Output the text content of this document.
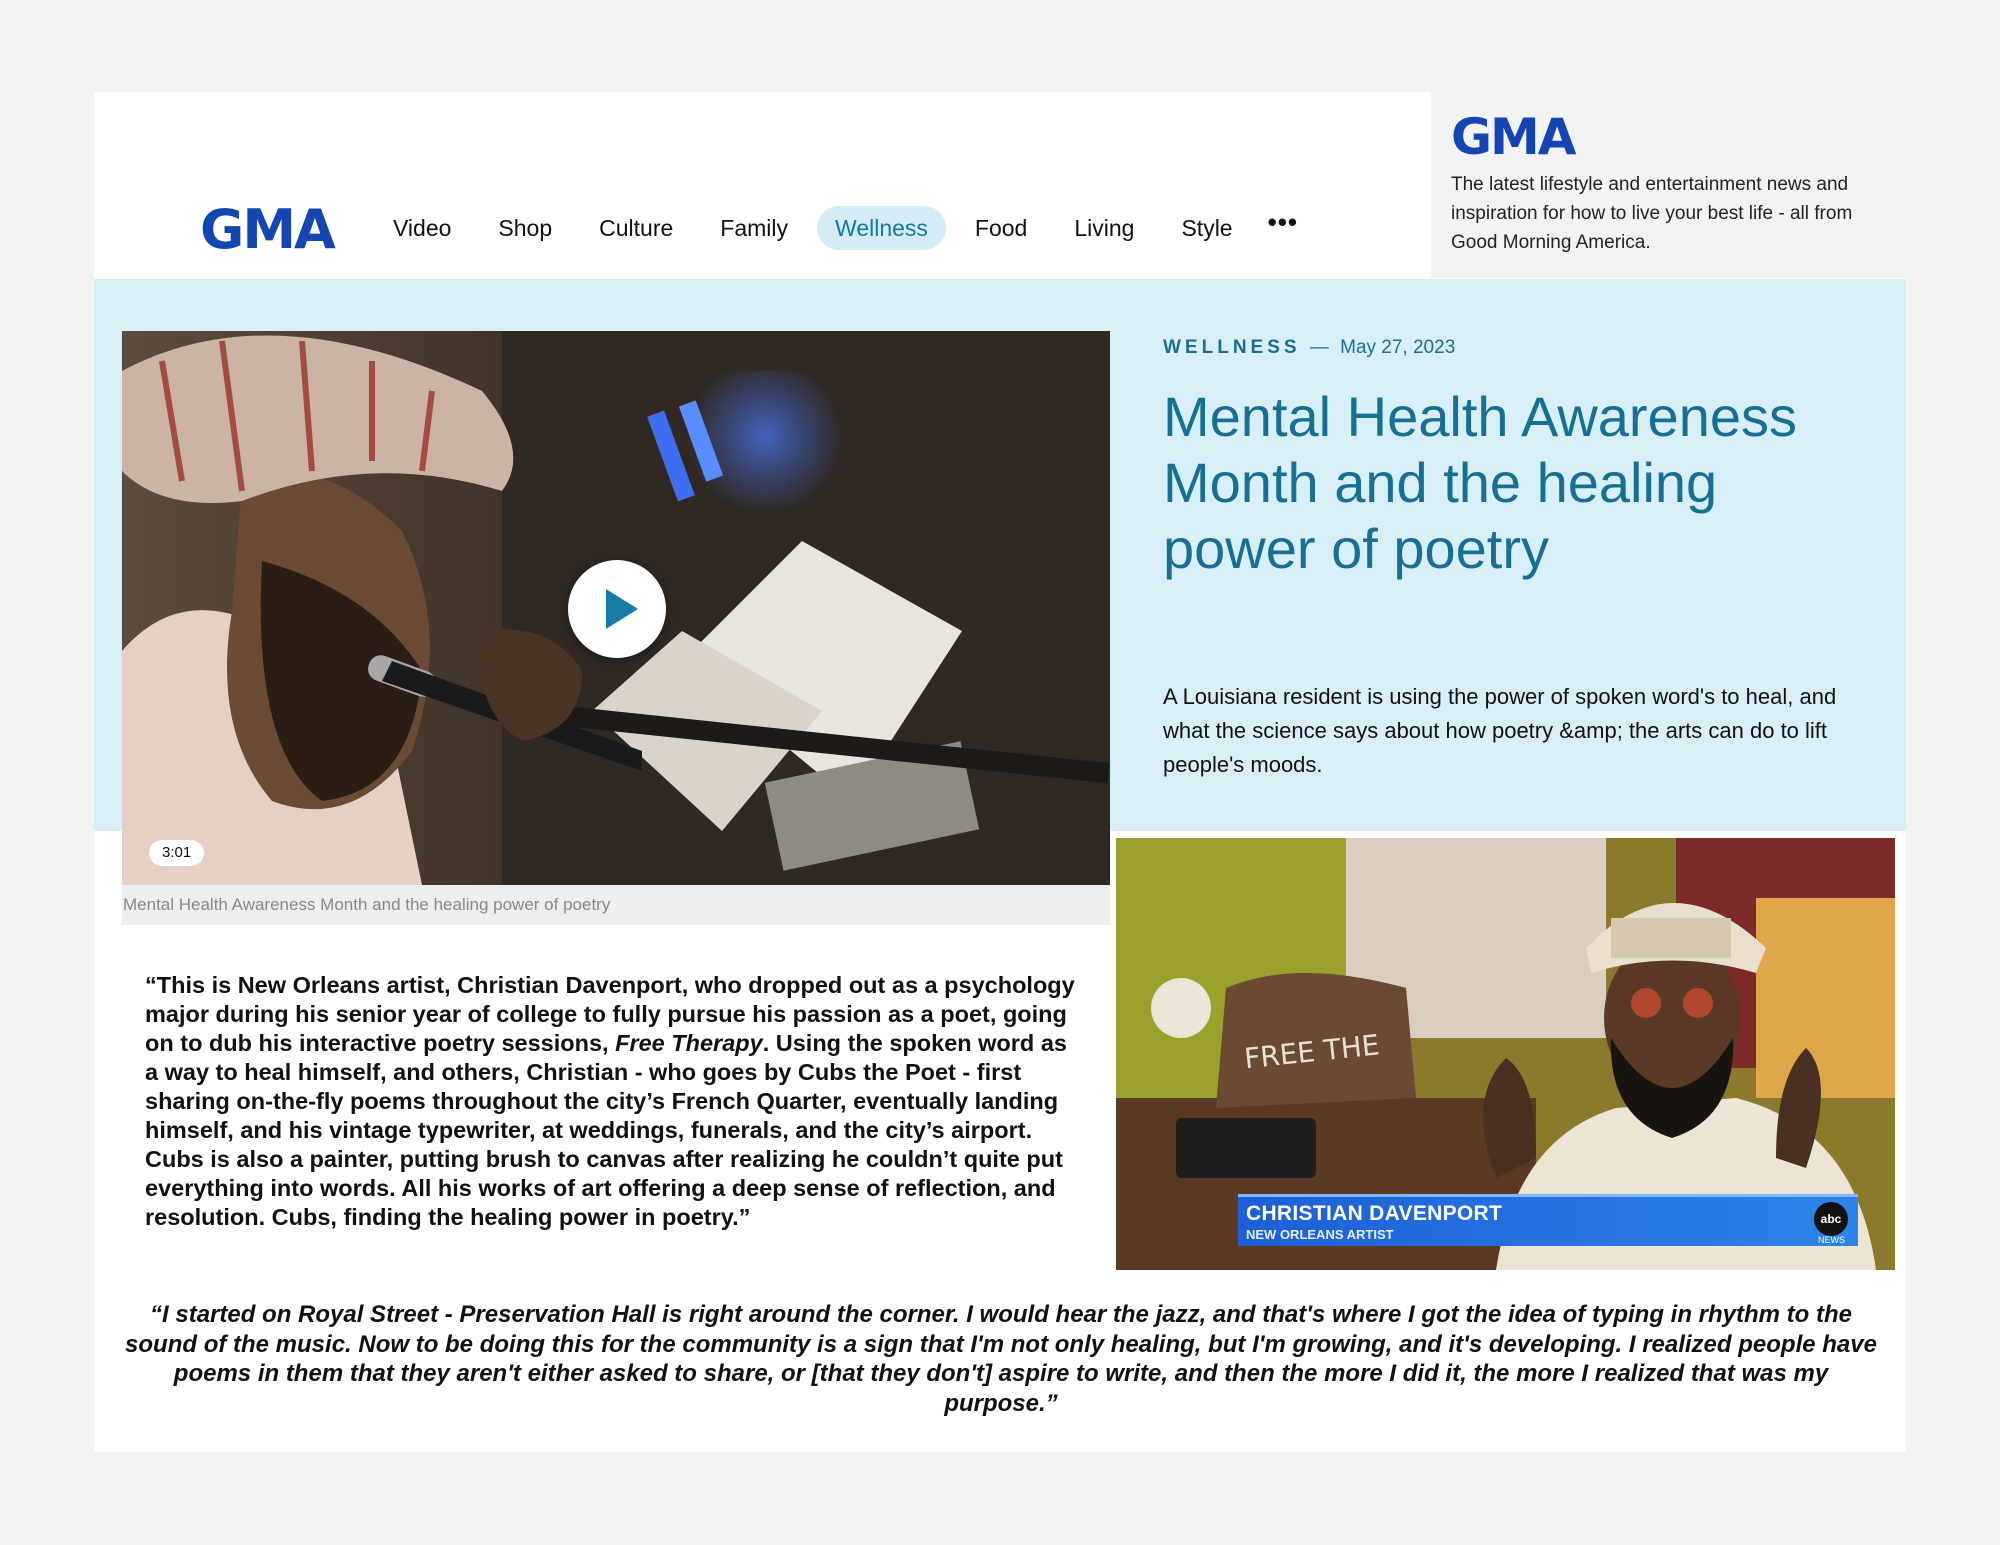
GMA
The latest lifestyle and entertainment news and inspiration for how to live your best life - all from Good Morning America.
GMA	Video	Shop	Culture	Family	Wellness	Food	Living	Style	•••
3:01
Mental Health Awareness Month and the healing power of poetry
WELLNESS — May 27, 2023
Mental Health Awareness Month and the healing power of poetry

A Louisiana resident is using the power of spoken word's to heal, and what the science says about how poetry &amp; the arts can do to lift people's moods.

FREE THE
CHRISTIAN DAVENPORT
NEW ORLEANS ARTIST
abc
NEWS

“This is New Orleans artist, Christian Davenport, who dropped out as a psychology major during his senior year of college to fully pursue his passion as a poet, going on to dub his interactive poetry sessions, Free Therapy. Using the spoken word as a way to heal himself, and others, Christian - who goes by Cubs the Poet - first sharing on-the-fly poems throughout the city’s French Quarter, eventually landing himself, and his vintage typewriter, at weddings, funerals, and the city’s airport. Cubs is also a painter, putting brush to canvas after realizing he couldn’t quite put everything into words. All his works of art offering a deep sense of reflection, and resolution. Cubs, finding the healing power in poetry.”

“I started on Royal Street - Preservation Hall is right around the corner. I would hear the jazz, and that's where I got the idea of typing in rhythm to the sound of the music. Now to be doing this for the community is a sign that I'm not only healing, but I'm growing, and it's developing. I realized people have poems in them that they aren't either asked to share, or [that they don't] aspire to write, and then the more I did it, the more I realized that was my purpose.”
